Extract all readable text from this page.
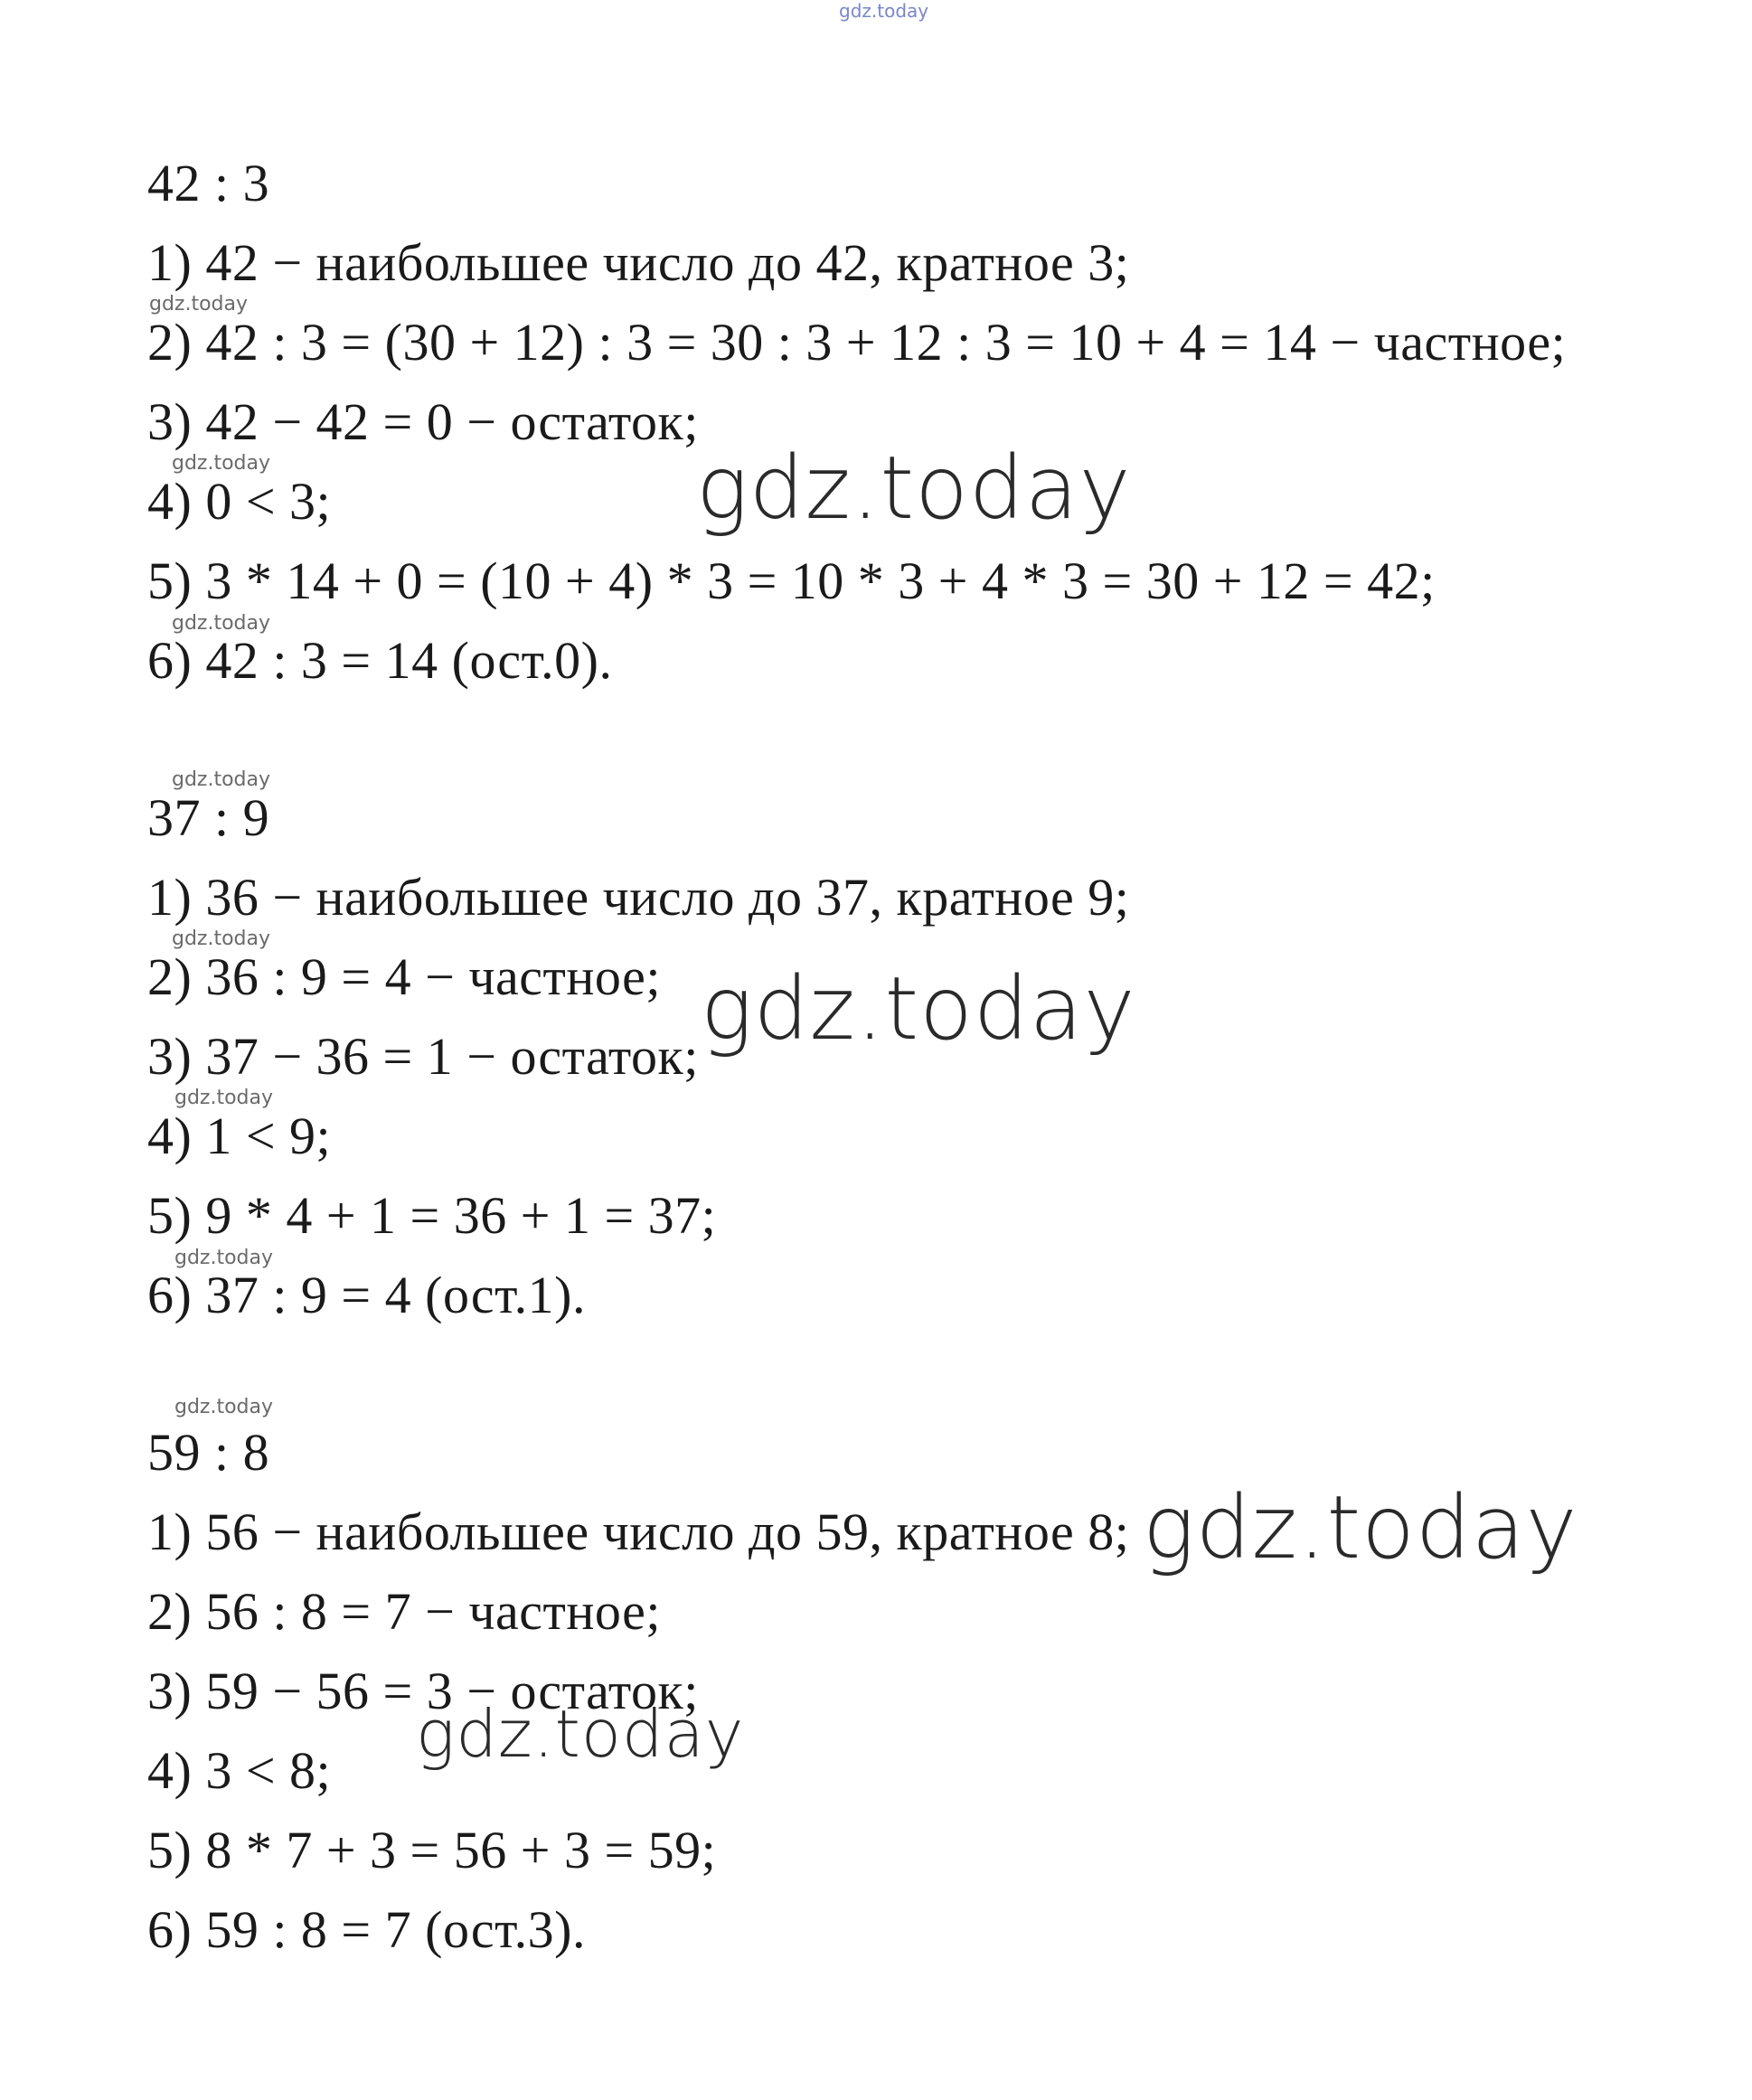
gdz.today
42 : 3
1) 42 − наибольшее число до 42, кратное 3;
gdz.today
2) 42 : 3 = (30 + 12) : 3 = 30 : 3 + 12 : 3 = 10 + 4 = 14 − частное;
3) 42 − 42 = 0 − остаток;
gdz.today
4) 0 < 3;	gdz.today
5) 3 * 14 + 0 = (10 + 4) * 3 = 10 * 3 + 4 * 3 = 30 + 12 = 42;
gdz.today
6) 42 : 3 = 14 (ост.0).
gdz.today
37 : 9
1) 36 − наибольшее число до 37, кратное 9;
gdz.today
2) 36 : 9 = 4 − частное; gdz.today
3) 37 − 36 = 1 − остаток;
gdz.today
4) 1 < 9;
5) 9 * 4 + 1 = 36 + 1 = 37;
gdz.today
6) 37 : 9 = 4 (ост.1).
gdz.today
59 : 8
1) 56 − наибольшее число до 59, кратное 8; gdz.today
2) 56 : 8 = 7 − частное;
3) 59 − 56 = 3 − остаток;
gdz.today
4) 3 < 8;
5) 8 * 7 + 3 = 56 + 3 = 59;
6) 59 : 8 = 7 (ост.3).
